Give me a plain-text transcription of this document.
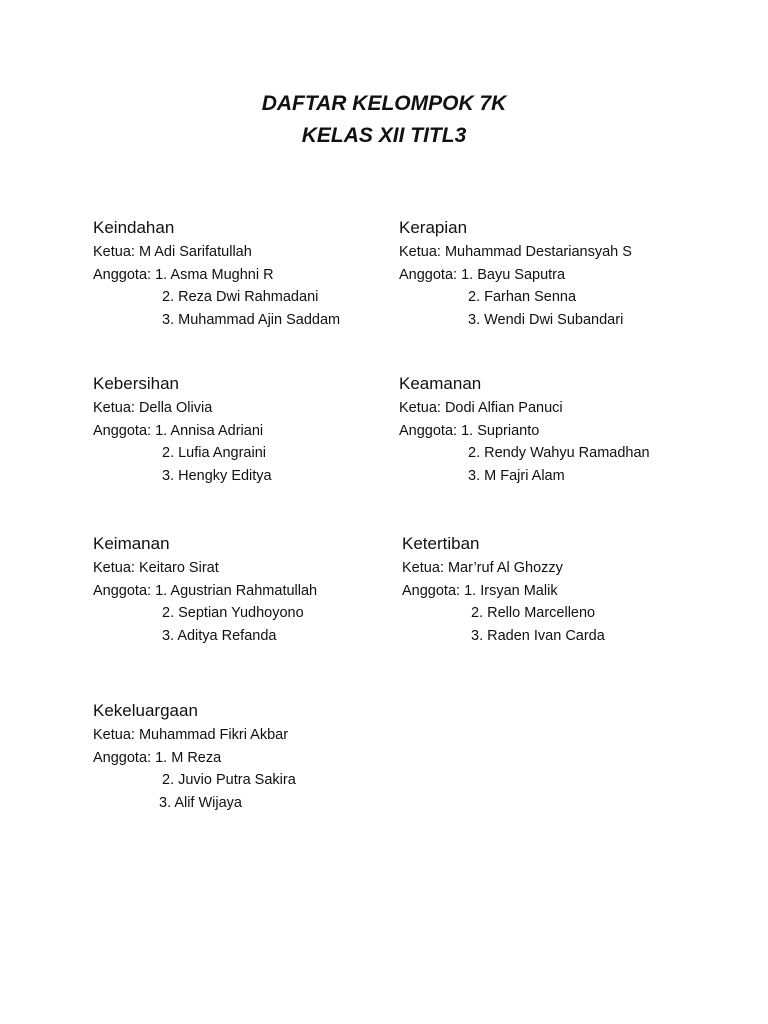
DAFTAR KELOMPOK 7K
KELAS XII TITL3
Keindahan
Ketua: M Adi Sarifatullah
Anggota: 1. Asma Mughni R
2. Reza Dwi Rahmadani
3. Muhammad Ajin Saddam
Kerapian
Ketua: Muhammad Destariansyah S
Anggota: 1. Bayu Saputra
2. Farhan Senna
3. Wendi Dwi Subandari
Kebersihan
Ketua: Della Olivia
Anggota: 1. Annisa Adriani
2. Lufia Angraini
3. Hengky Editya
Keamanan
Ketua: Dodi Alfian Panuci
Anggota: 1. Suprianto
2. Rendy Wahyu Ramadhan
3. M Fajri Alam
Keimanan
Ketua: Keitaro Sirat
Anggota: 1. Agustrian Rahmatullah
2. Septian Yudhoyono
3. Aditya Refanda
Ketertiban
Ketua: Mar’ruf Al Ghozzy
Anggota: 1. Irsyan Malik
2. Rello Marcelleno
3. Raden Ivan Carda
Kekeluargaan
Ketua: Muhammad Fikri Akbar
Anggota: 1. M Reza
2. Juvio Putra Sakira
3. Alif Wijaya
